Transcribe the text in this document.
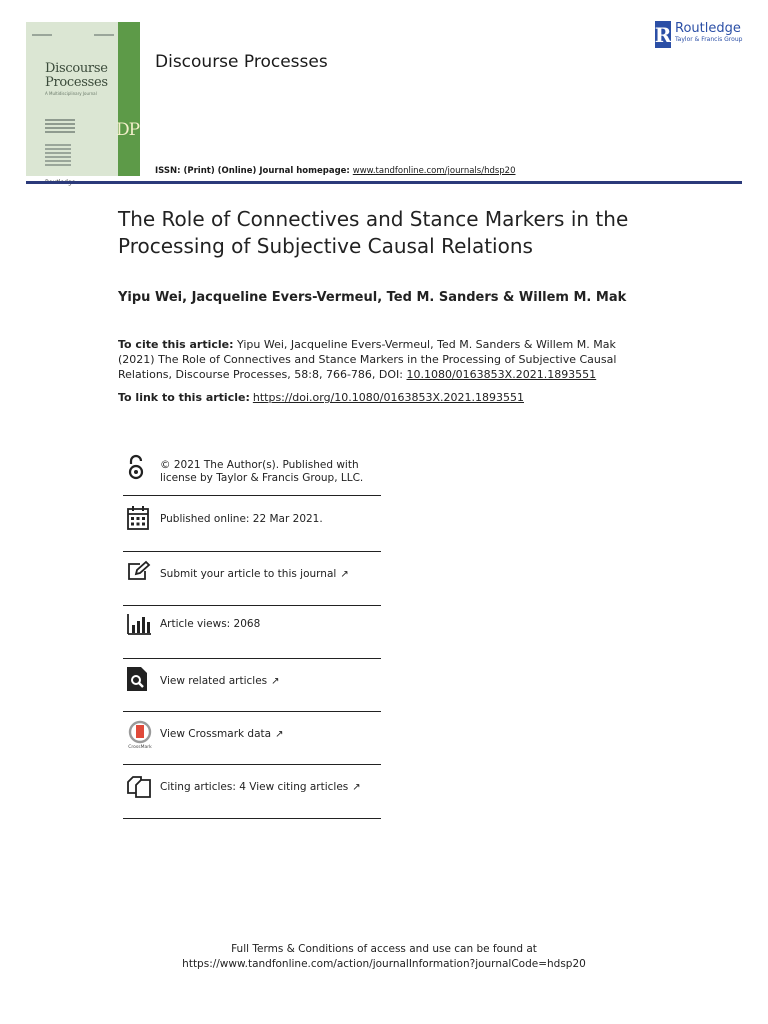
Discourse
Processes
A Multidisciplinary Journal
DP
Discourse Processes
ISSN: (Print) (Online) Journal homepage: www.tandfonline.com/journals/hdsp20
R Routledge
Taylor & Francis Group
The Role of Connectives and Stance Markers in the Processing of Subjective Causal Relations
Yipu Wei, Jacqueline Evers-Vermeul, Ted M. Sanders & Willem M. Mak
To cite this article: Yipu Wei, Jacqueline Evers-Vermeul, Ted M. Sanders & Willem M. Mak (2021) The Role of Connectives and Stance Markers in the Processing of Subjective Causal Relations, Discourse Processes, 58:8, 766-786, DOI: 10.1080/0163853X.2021.1893551
To link to this article: https://doi.org/10.1080/0163853X.2021.1893551
© 2021 The Author(s). Published with
license by Taylor & Francis Group, LLC.
Published online: 22 Mar 2021.
Submit your article to this journal ↗
Article views: 2068
View related articles ↗
CrossMark
View Crossmark data ↗
Citing articles: 4 View citing articles ↗
Full Terms & Conditions of access and use can be found at
https://www.tandfonline.com/action/journalInformation?journalCode=hdsp20
